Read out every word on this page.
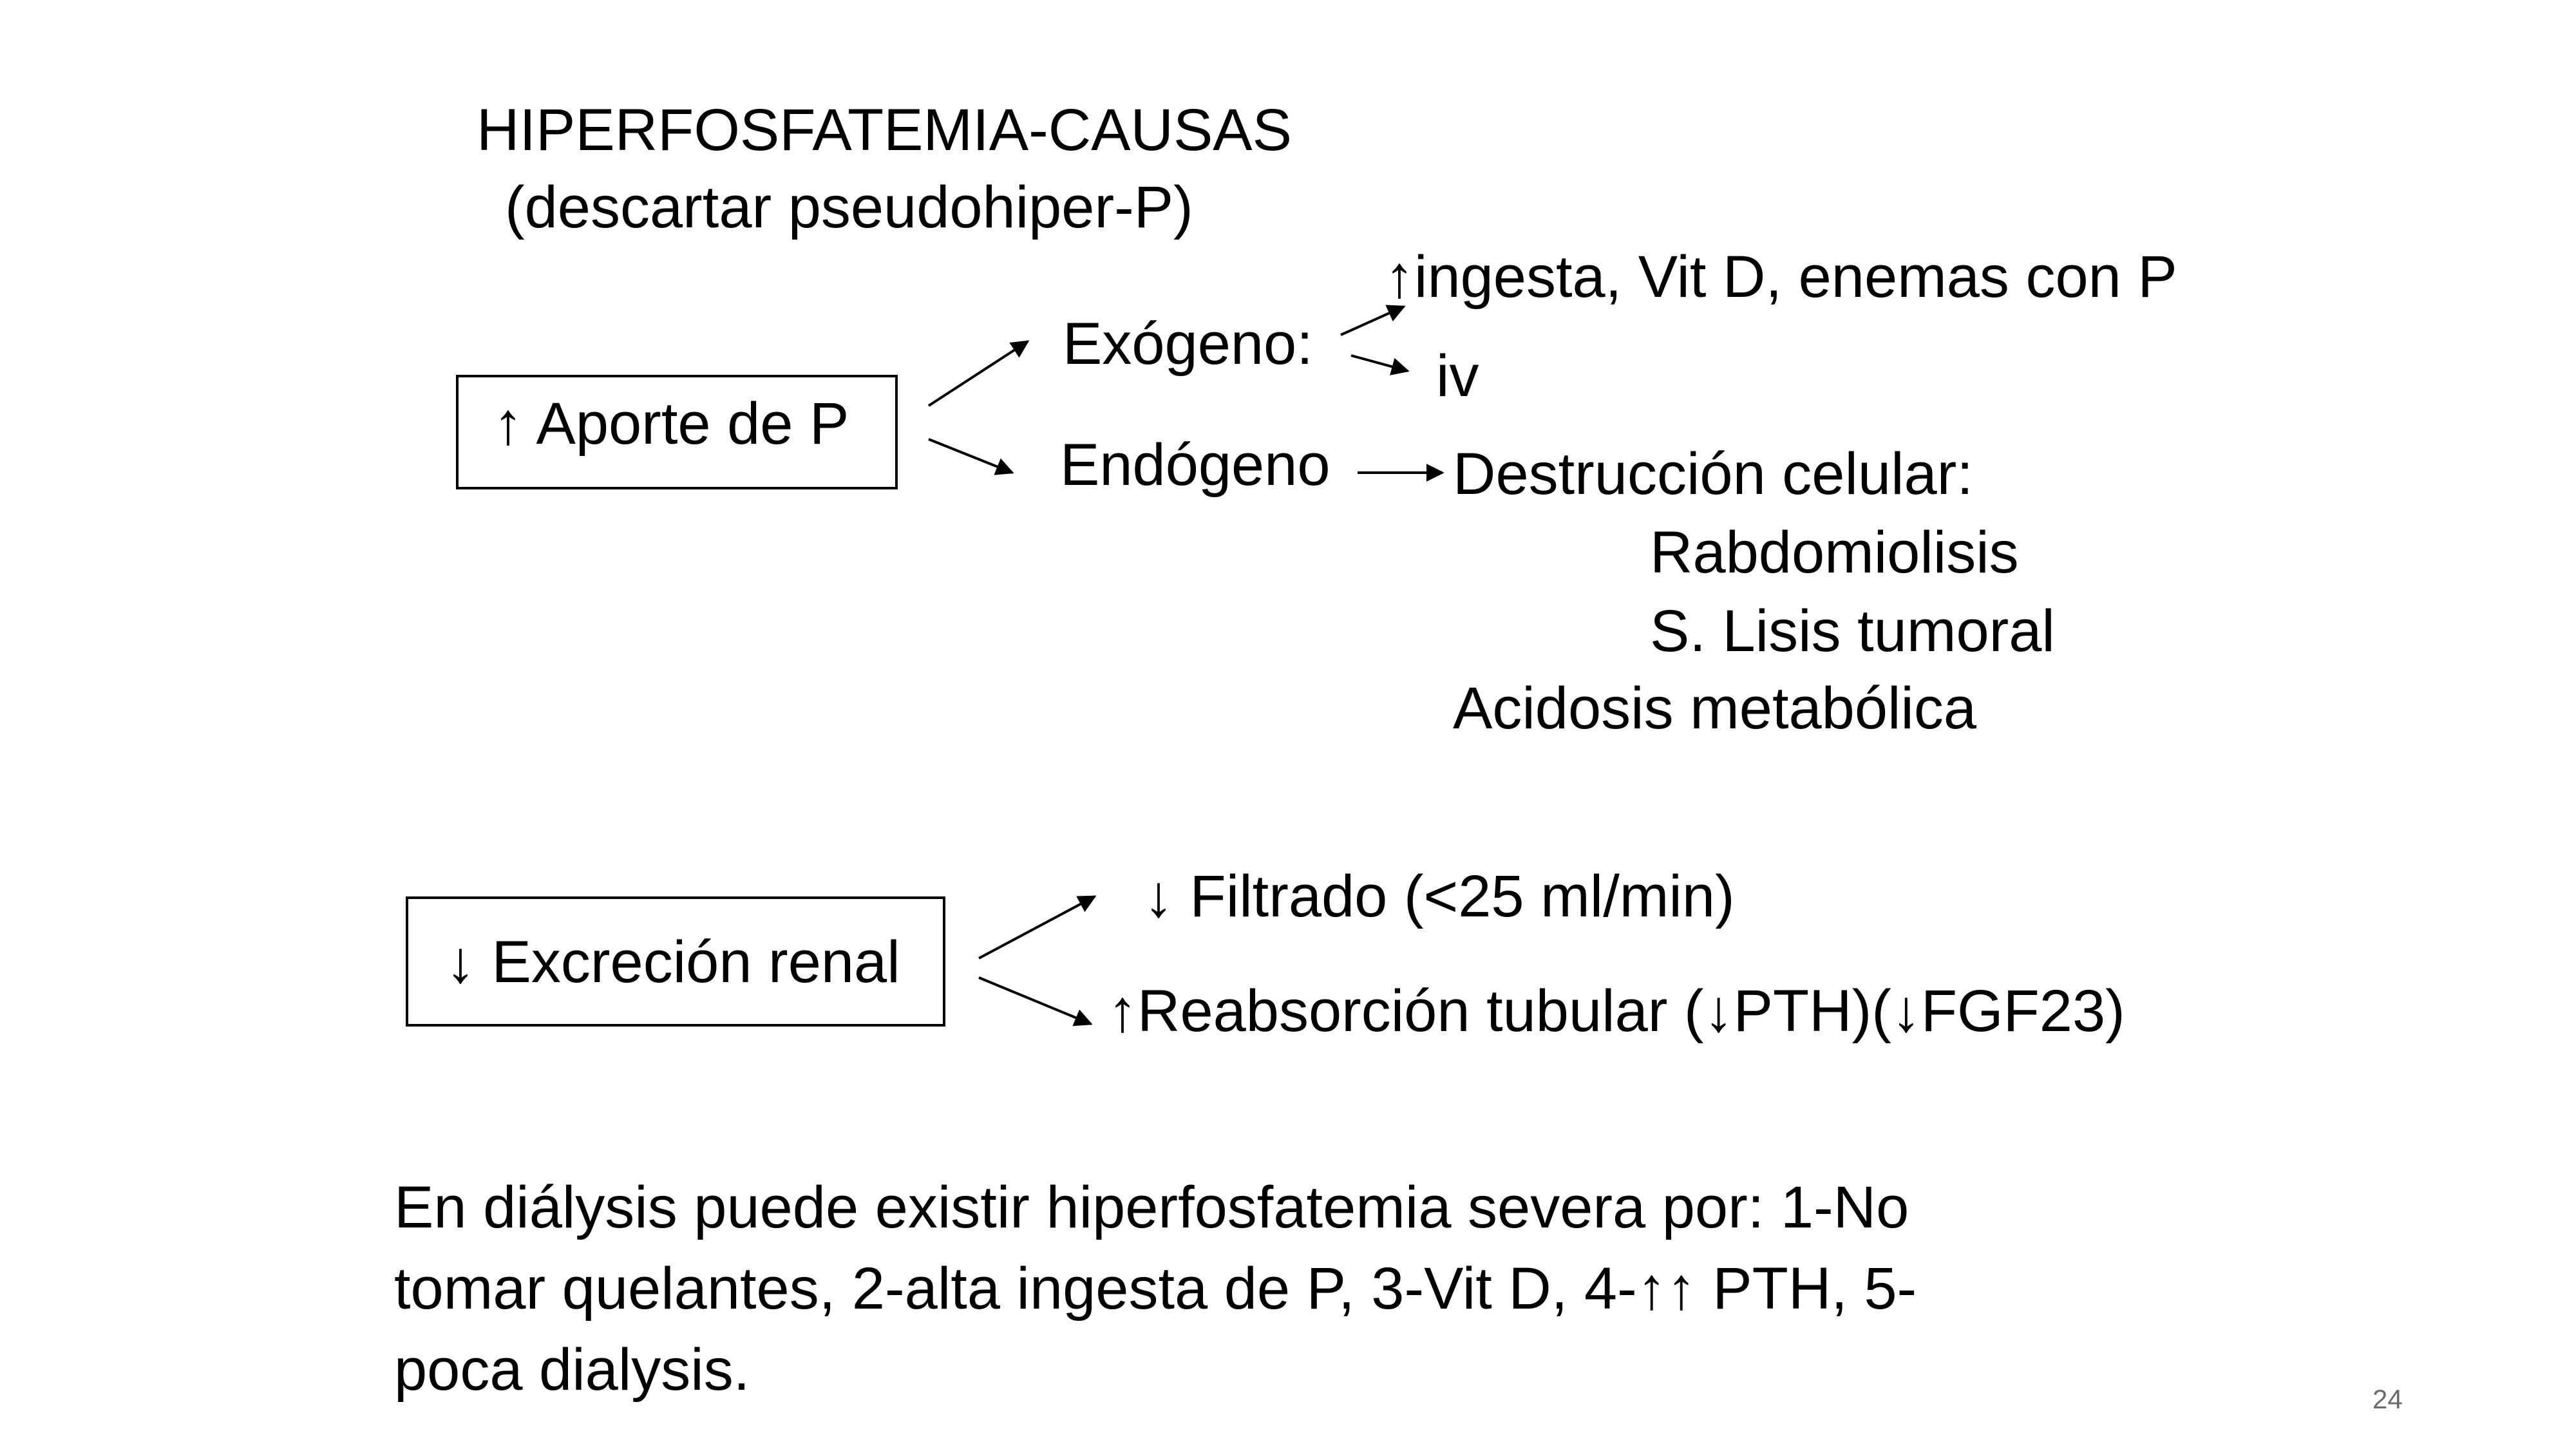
HIPERFOSFATEMIA-CAUSAS
(descartar pseudohiper-P)
↑ Aporte de P
Exógeno:
↑ingesta, Vit D, enemas con P
iv
Endógeno Destrucción celular:
Rabdomiolisis
S. Lisis tumoral
Acidosis metabólica
↓ Excreción renal
↓ Filtrado (<25 ml/min)
↑Reabsorción tubular (↓PTH)(↓FGF23)
En diálysis puede existir hiperfosfatemia severa por: 1-No
tomar quelantes, 2-alta ingesta de P, 3-Vit D, 4-↑↑ PTH, 5-
poca dialysis.	24
